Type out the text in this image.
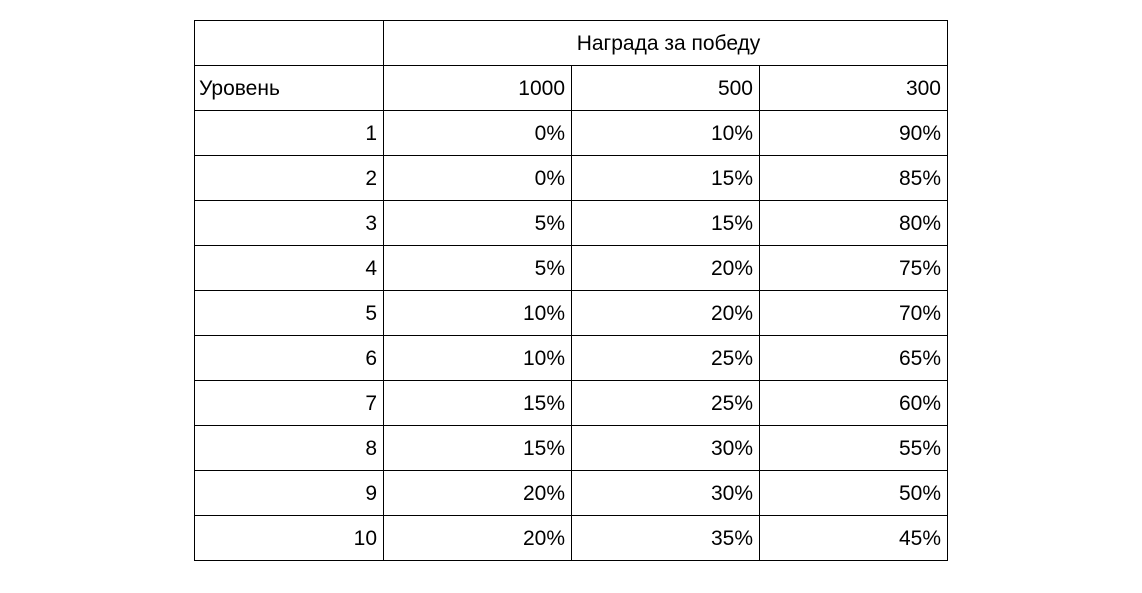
	Награда за победу		
Уровень	1000	500	300
1	0%	10%	90%
2	0%	15%	85%
3	5%	15%	80%
4	5%	20%	75%
5	10%	20%	70%
6	10%	25%	65%
7	15%	25%	60%
8	15%	30%	55%
9	20%	30%	50%
10	20%	35%	45%
